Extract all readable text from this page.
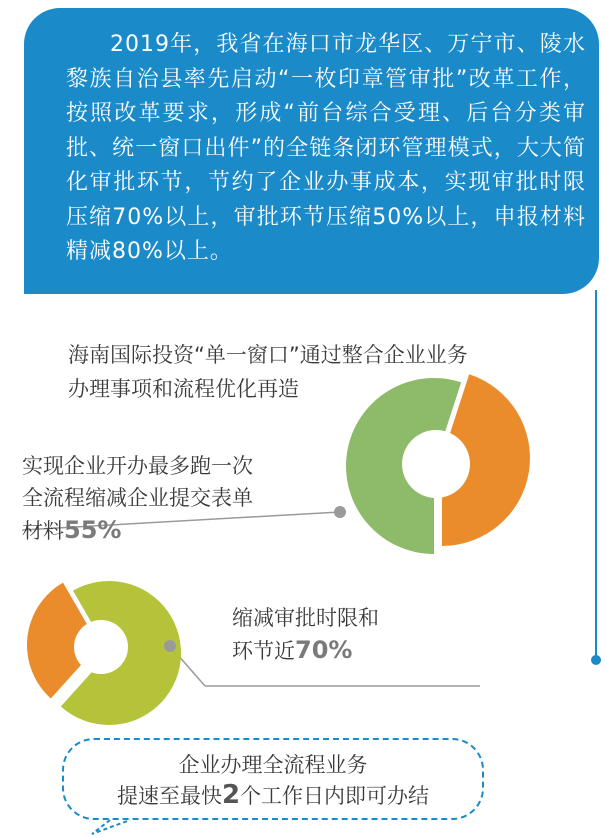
2019年，我省在海口市龙华区、万宁市、陵水黎族自治县率先启动“一枚印章管审批”改革工作，按照改革要求，形成“前台综合受理、后台分类审批、统一窗口出件”的全链条闭环管理模式，大大简化审批环节，节约了企业办事成本，实现审批时限压缩70%以上，审批环节压缩50%以上，申报材料精减80%以上。

海南国际投资“单一窗口”通过整合企业业务
办理事项和流程优化再造

实现企业开办最多跑一次
全流程缩减企业提交表单
材料55%

缩减审批时限和
环节近70%

企业办理全流程业务
提速至最快2个工作日内即可办结
